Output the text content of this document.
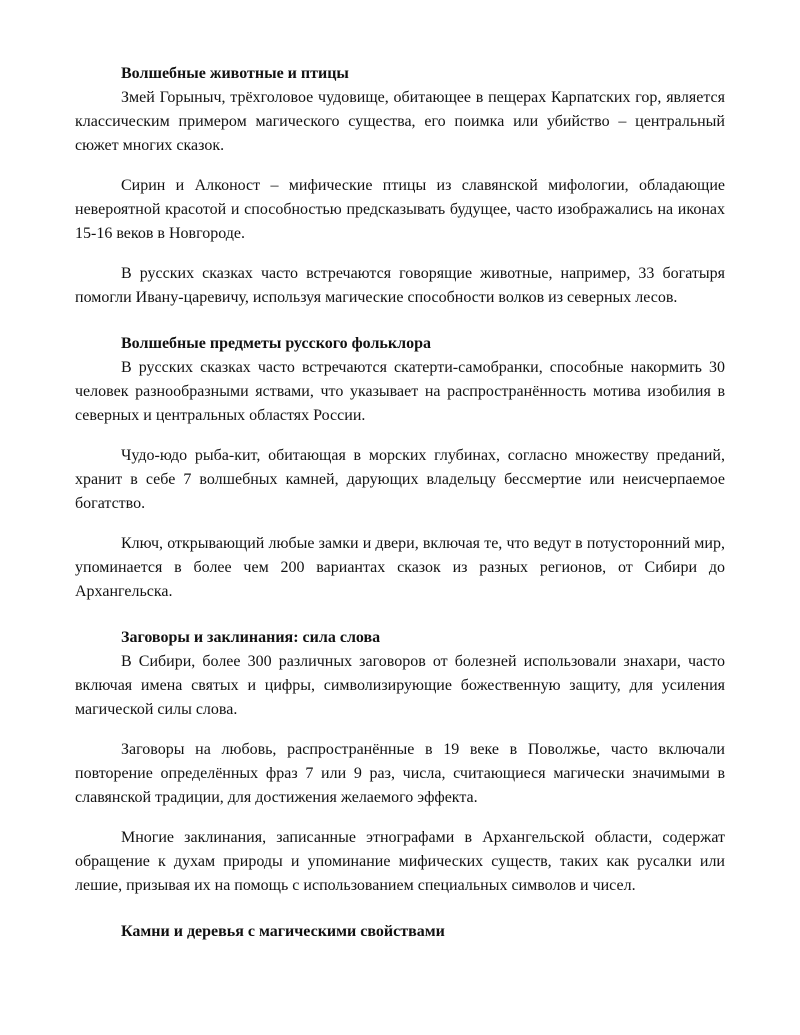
Волшебные животные и птицы

Змей Горыныч, трёхголовое чудовище, обитающее в пещерах Карпатских гор, является классическим примером магического существа, его поимка или убийство – центральный сюжет многих сказок.

Сирин и Алконост – мифические птицы из славянской мифологии, обладающие невероятной красотой и способностью предсказывать будущее, часто изображались на иконах 15-16 веков в Новгороде.

В русских сказках часто встречаются говорящие животные, например, 33 богатыря помогли Ивану-царевичу, используя магические способности волков из северных лесов.

Волшебные предметы русского фольклора

В русских сказках часто встречаются скатерти-самобранки, способные накормить 30 человек разнообразными яствами, что указывает на распространённость мотива изобилия в северных и центральных областях России.

Чудо-юдо рыба-кит, обитающая в морских глубинах, согласно множеству преданий, хранит в себе 7 волшебных камней, дарующих владельцу бессмертие или неисчерпаемое богатство.

Ключ, открывающий любые замки и двери, включая те, что ведут в потусторонний мир, упоминается в более чем 200 вариантах сказок из разных регионов, от Сибири до Архангельска.

Заговоры и заклинания: сила слова

В Сибири, более 300 различных заговоров от болезней использовали знахари, часто включая имена святых и цифры, символизирующие божественную защиту, для усиления магической силы слова.

Заговоры на любовь, распространённые в 19 веке в Поволжье, часто включали повторение определённых фраз 7 или 9 раз, числа, считающиеся магически значимыми в славянской традиции, для достижения желаемого эффекта.

Многие заклинания, записанные этнографами в Архангельской области, содержат обращение к духам природы и упоминание мифических существ, таких как русалки или лешие, призывая их на помощь с использованием специальных символов и чисел.

Камни и деревья с магическими свойствами
